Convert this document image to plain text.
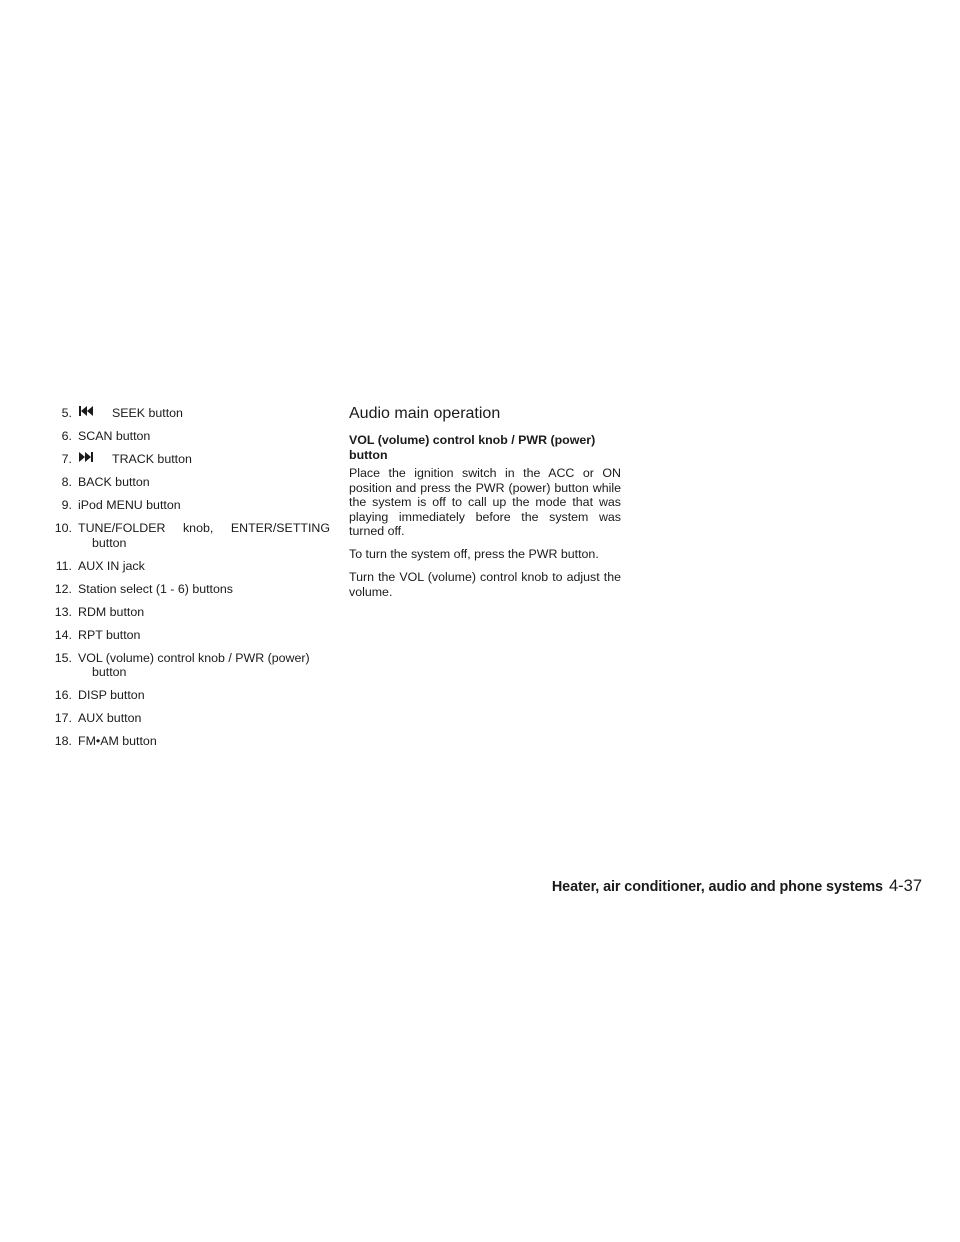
5.	SEEK button
6. SCAN button
7.	TRACK button
8. BACK button
9. iPod MENU button
10. TUNE/FOLDER knob, ENTER/SETTING
button
11. AUX IN jack
12. Station select (1 - 6) buttons
13. RDM button
14. RPT button
15. VOL (volume) control knob / PWR (power)
button
16. DISP button
17. AUX button
18. FM•AM button
Audio main operation

VOL (volume) control knob / PWR (power) button

Place the ignition switch in the ACC or ON position and press the PWR (power) button while the system is off to call up the mode that was playing immediately before the system was turned off.

To turn the system off, press the PWR button.

Turn the VOL (volume) control knob to adjust the volume.

Heater, air conditioner, audio and phone systems 4-37
